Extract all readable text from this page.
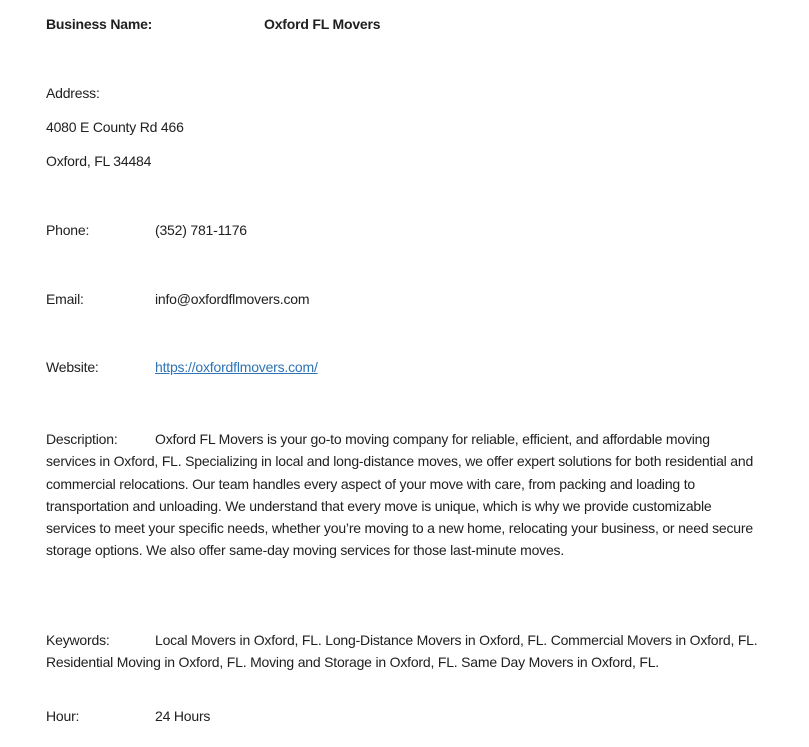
Business Name:	Oxford FL Movers
Address:
4080 E County Rd 466
Oxford, FL 34484
Phone:	(352) 781-1176
Email:	info@oxfordflmovers.com
Website:	https://oxfordflmovers.com/

Description:	Oxford FL Movers is your go-to moving company for reliable, efficient, and affordable moving services in Oxford, FL. Specializing in local and long-distance moves, we offer expert solutions for both residential and commercial relocations. Our team handles every aspect of your move with care, from packing and loading to transportation and unloading. We understand that every move is unique, which is why we provide customizable services to meet your specific needs, whether you’re moving to a new home, relocating your business, or need secure storage options. We also offer same-day moving services for those last-minute moves.

Keywords:	Local Movers in Oxford, FL. Long-Distance Movers in Oxford, FL. Commercial Movers in Oxford, FL. Residential Moving in Oxford, FL. Moving and Storage in Oxford, FL. Same Day Movers in Oxford, FL.

Hour:	24 Hours
